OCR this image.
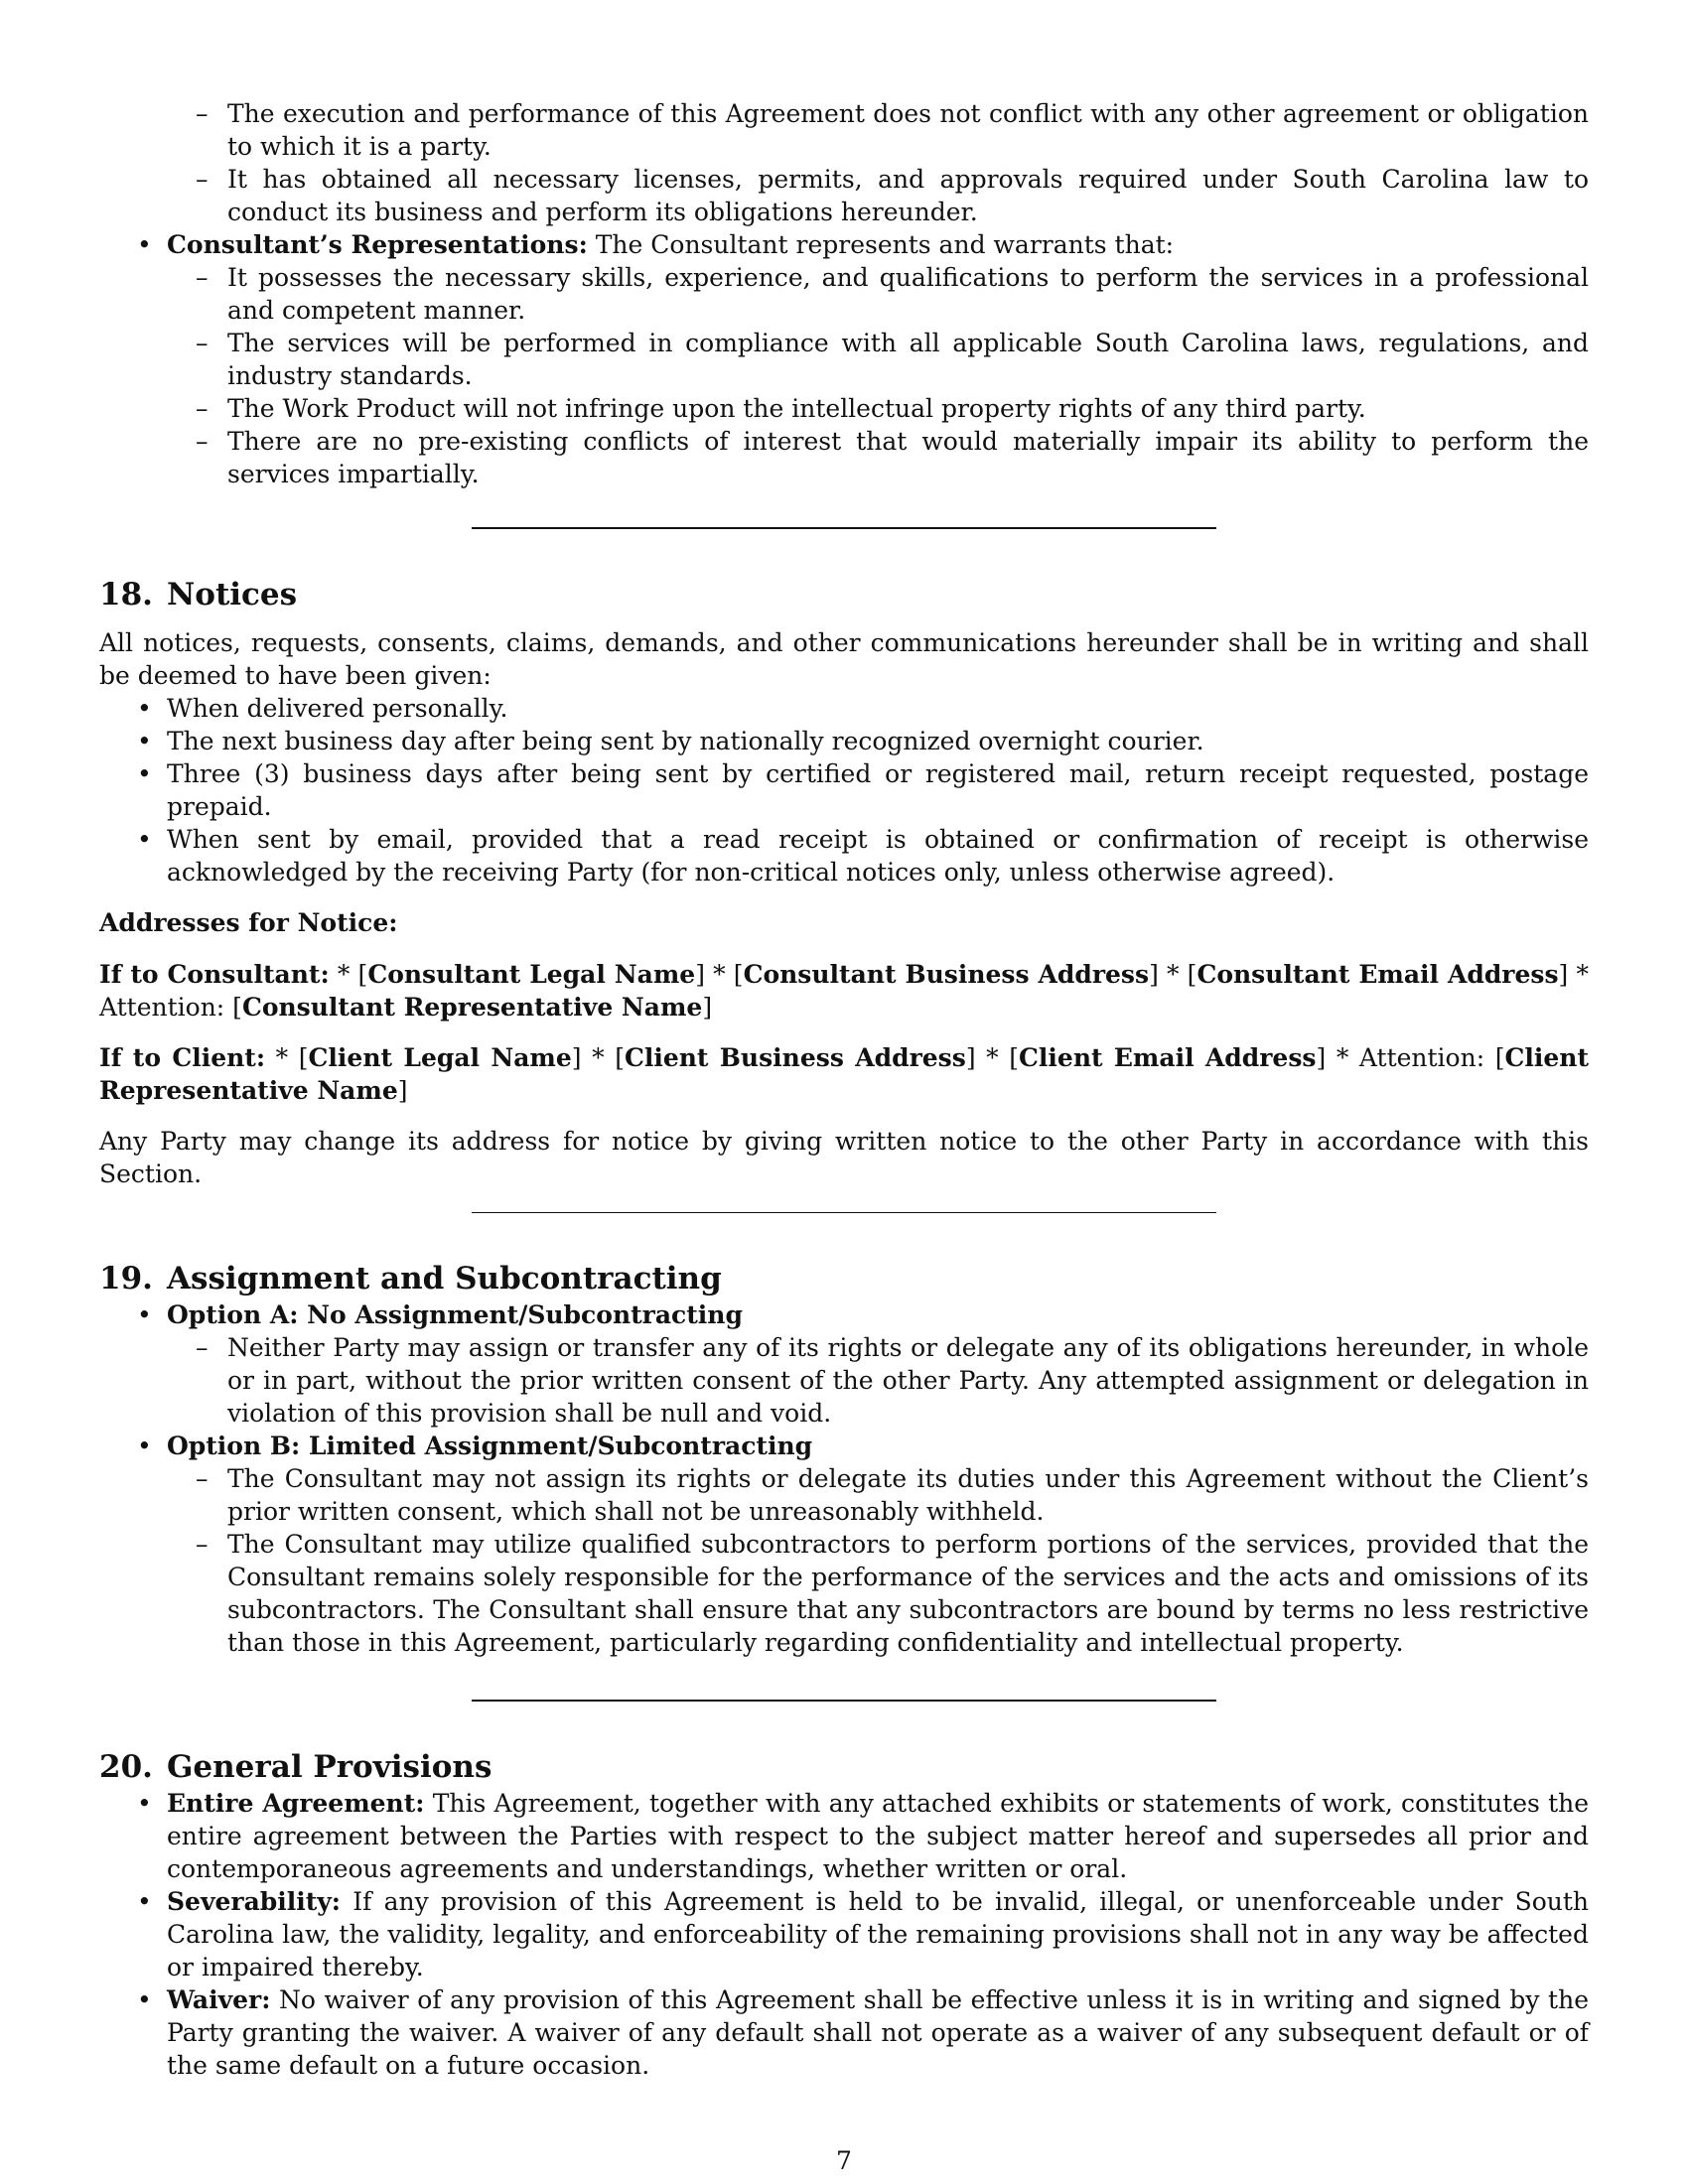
– The execution and performance of this Agreement does not conflict with any other agreement or obligation to which it is a party.
– It has obtained all necessary licenses, permits, and approvals required under South Carolina law to conduct its business and perform its obligations hereunder.
• Consultant’s Representations: The Consultant represents and warrants that:
– It possesses the necessary skills, experience, and qualifications to perform the services in a professional and competent manner.
– The services will be performed in compliance with all applicable South Carolina laws, regulations, and industry standards.
– The Work Product will not infringe upon the intellectual property rights of any third party.
– There are no pre-existing conflicts of interest that would materially impair its ability to perform the services impartially.
18. Notices

All notices, requests, consents, claims, demands, and other communications hereunder shall be in writing and shall be deemed to have been given:

• When delivered personally.
• The next business day after being sent by nationally recognized overnight courier.
• Three (3) business days after being sent by certified or registered mail, return receipt requested, postage prepaid.
• When sent by email, provided that a read receipt is obtained or confirmation of receipt is otherwise acknowledged by the receiving Party (for non-critical notices only, unless otherwise agreed).

Addresses for Notice:

If to Consultant: * [Consultant Legal Name] * [Consultant Business Address] * [Consultant Email Address] * Attention: [Consultant Representative Name]

If to Client: * [Client Legal Name] * [Client Business Address] * [Client Email Address] * Attention: [Client Representative Name]

Any Party may change its address for notice by giving written notice to the other Party in accordance with this Section.

19. Assignment and Subcontracting
• Option A: No Assignment/Subcontracting
– Neither Party may assign or transfer any of its rights or delegate any of its obligations hereunder, in whole or in part, without the prior written consent of the other Party. Any attempted assignment or delegation in violation of this provision shall be null and void.
• Option B: Limited Assignment/Subcontracting
– The Consultant may not assign its rights or delegate its duties under this Agreement without the Client’s prior written consent, which shall not be unreasonably withheld.
– The Consultant may utilize qualified subcontractors to perform portions of the services, provided that the Consultant remains solely responsible for the performance of the services and the acts and omissions of its subcontractors. The Consultant shall ensure that any subcontractors are bound by terms no less restrictive than those in this Agreement, particularly regarding confidentiality and intellectual property.
20. General Provisions
• Entire Agreement: This Agreement, together with any attached exhibits or statements of work, constitutes the entire agreement between the Parties with respect to the subject matter hereof and supersedes all prior and contemporaneous agreements and understandings, whether written or oral.
• Severability: If any provision of this Agreement is held to be invalid, illegal, or unenforceable under South Carolina law, the validity, legality, and enforceability of the remaining provisions shall not in any way be affected or impaired thereby.
• Waiver: No waiver of any provision of this Agreement shall be effective unless it is in writing and signed by the Party granting the waiver. A waiver of any default shall not operate as a waiver of any subsequent default or of the same default on a future occasion.
7
